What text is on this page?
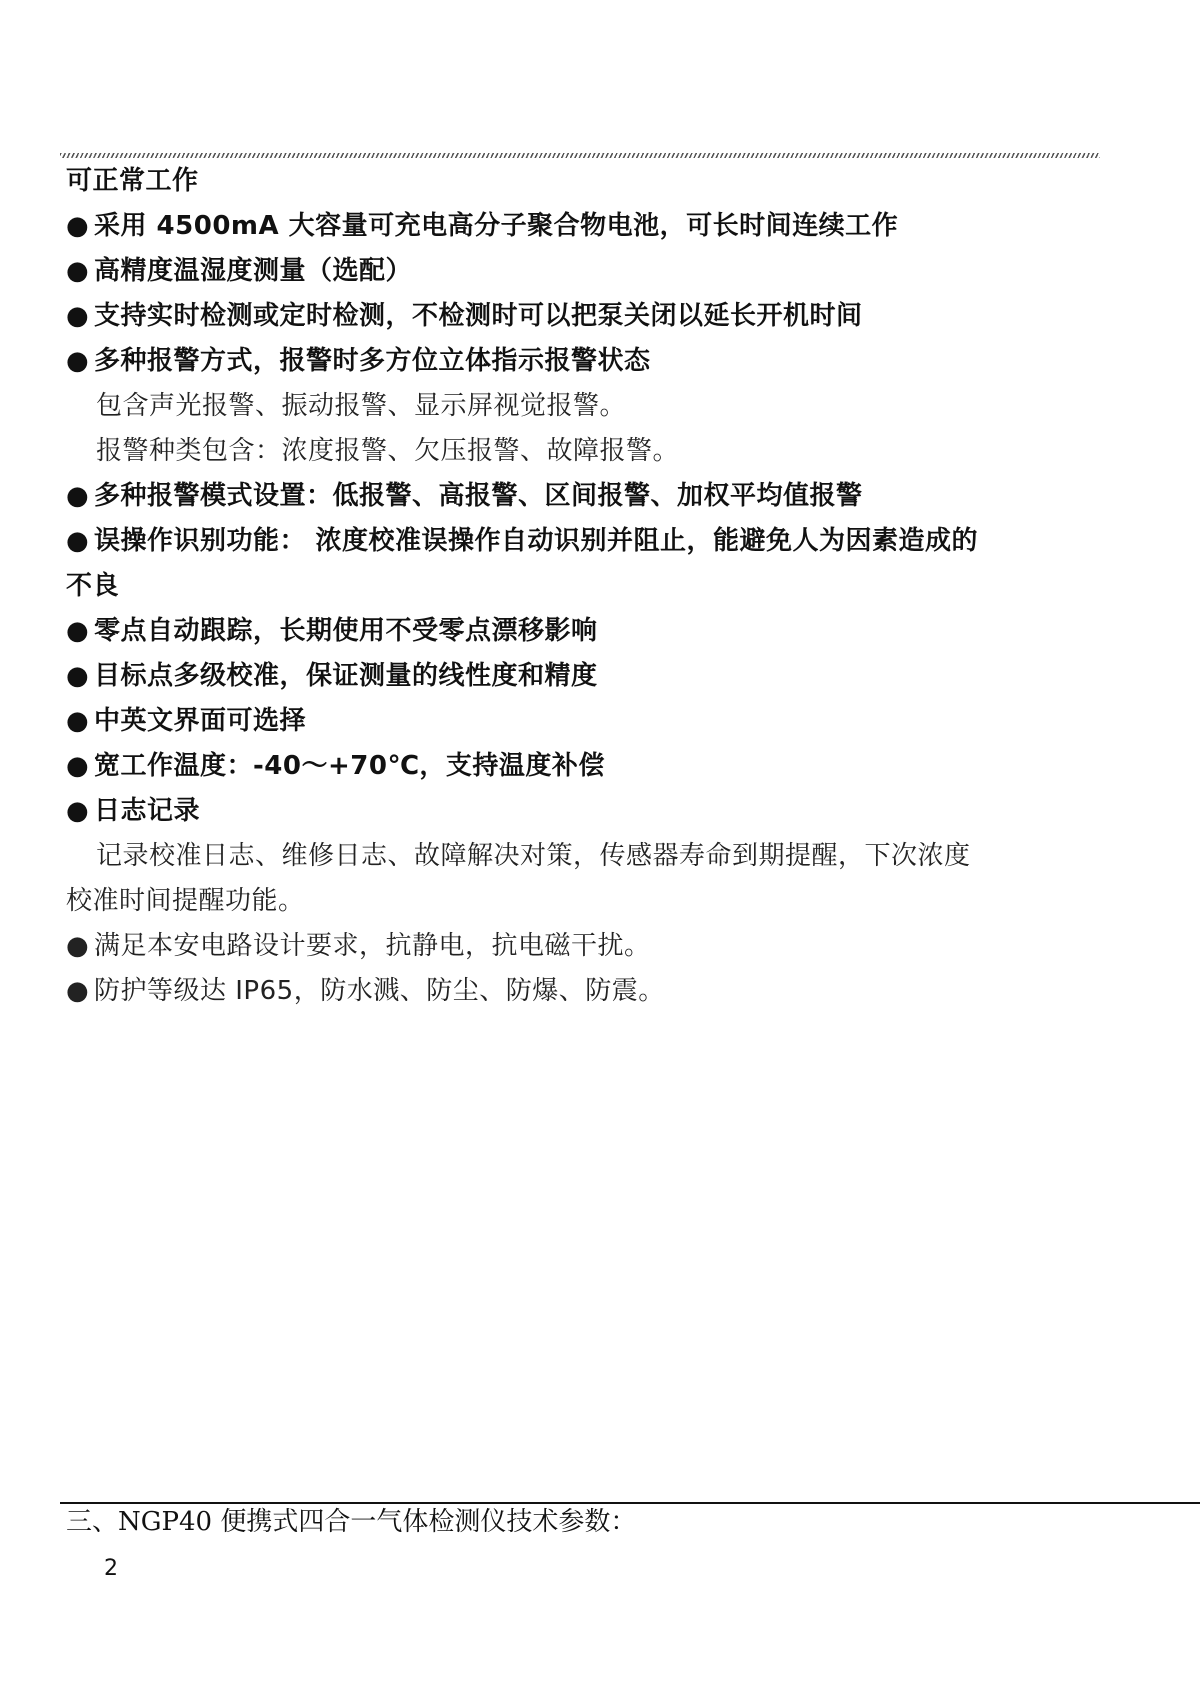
可正常工作
● 采用 4500mA 大容量可充电高分子聚合物电池，可长时间连续工作
● 高精度温湿度测量（选配）
● 支持实时检测或定时检测，不检测时可以把泵关闭以延长开机时间
● 多种报警方式，报警时多方位立体指示报警状态
包含声光报警、振动报警、显示屏视觉报警。
报警种类包含：浓度报警、欠压报警、故障报警。
● 多种报警模式设置：低报警、高报警、区间报警、加权平均值报警
● 误操作识别功能： 浓度校准误操作自动识别并阻止，能避免人为因素造成的
不良
● 零点自动跟踪，长期使用不受零点漂移影响
● 目标点多级校准，保证测量的线性度和精度
● 中英文界面可选择
● 宽工作温度：-40～+70℃，支持温度补偿
● 日志记录
记录校准日志、维修日志、故障解决对策，传感器寿命到期提醒，下次浓度
校准时间提醒功能。
● 满足本安电路设计要求，抗静电，抗电磁干扰。
● 防护等级达 IP65，防水溅、防尘、防爆、防震。
三、NGP40 便携式四合一气体检测仪技术参数：
2
